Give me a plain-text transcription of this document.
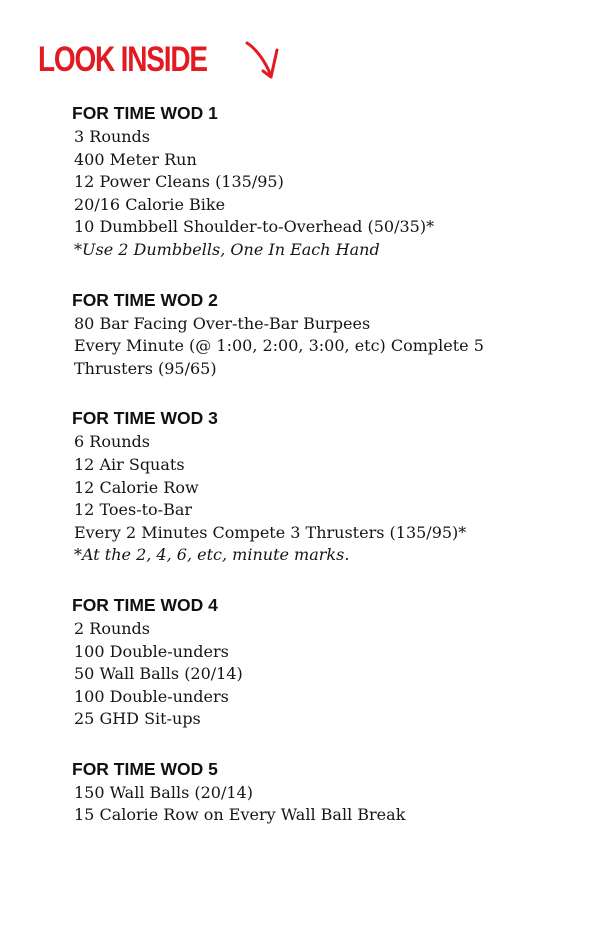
LOOK INSIDE
FOR TIME WOD 1
3 Rounds
400 Meter Run
12 Power Cleans (135/95)
20/16 Calorie Bike
10 Dumbbell Shoulder-to-Overhead (50/35)*
*Use 2 Dumbbells, One In Each Hand
FOR TIME WOD 2
80 Bar Facing Over-the-Bar Burpees
Every Minute (@ 1:00, 2:00, 3:00, etc) Complete 5
Thrusters (95/65)
FOR TIME WOD 3
6 Rounds
12 Air Squats
12 Calorie Row
12 Toes-to-Bar
Every 2 Minutes Compete 3 Thrusters (135/95)*
*At the 2, 4, 6, etc, minute marks.
FOR TIME WOD 4
2 Rounds
100 Double-unders
50 Wall Balls (20/14)
100 Double-unders
25 GHD Sit-ups
FOR TIME WOD 5
150 Wall Balls (20/14)
15 Calorie Row on Every Wall Ball Break
